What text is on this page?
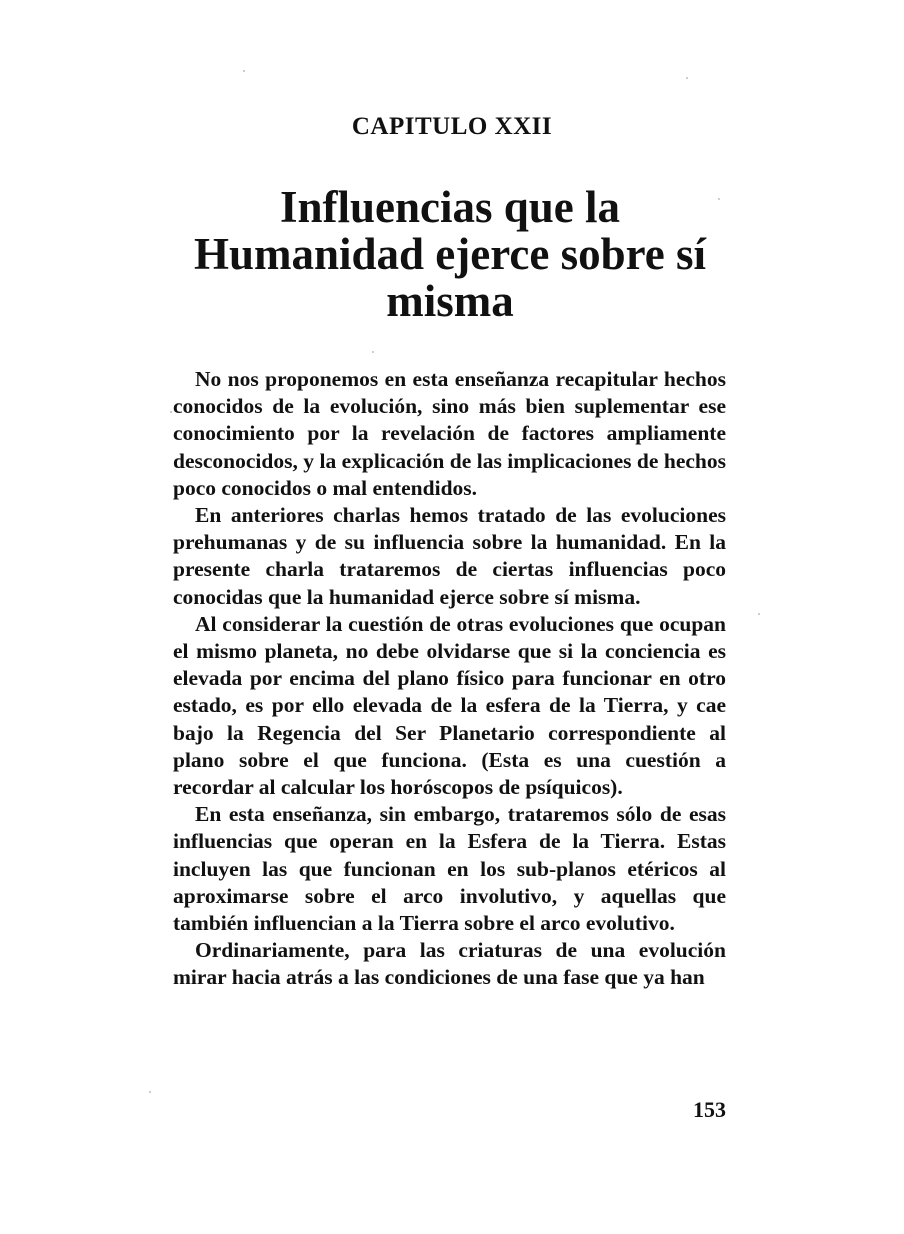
CAPITULO XXII
Influencias que la
Humanidad ejerce sobre sí
misma

No nos proponemos en esta enseñanza recapitular hechos conocidos de la evolución, sino más bien suplementar ese conocimiento por la revelación de factores ampliamente desconocidos, y la explicación de las implicaciones de hechos poco conocidos o mal entendidos.

En anteriores charlas hemos tratado de las evoluciones prehumanas y de su influencia sobre la humanidad. En la presente charla trataremos de ciertas influencias poco conocidas que la humanidad ejerce sobre sí misma.

Al considerar la cuestión de otras evoluciones que ocupan el mismo planeta, no debe olvidarse que si la conciencia es elevada por encima del plano físico para funcionar en otro estado, es por ello elevada de la esfera de la Tierra, y cae bajo la Regencia del Ser Planetario correspondiente al plano sobre el que funciona. (Esta es una cuestión a recordar al calcular los horóscopos de psíquicos).

En esta enseñanza, sin embargo, trataremos sólo de esas influencias que operan en la Esfera de la Tierra. Estas incluyen las que funcionan en los sub-planos etéricos al aproximarse sobre el arco involutivo, y aquellas que también influencian a la Tierra sobre el arco evolutivo.

Ordinariamente, para las criaturas de una evolución mirar hacia atrás a las condiciones de una fase que ya han

153
